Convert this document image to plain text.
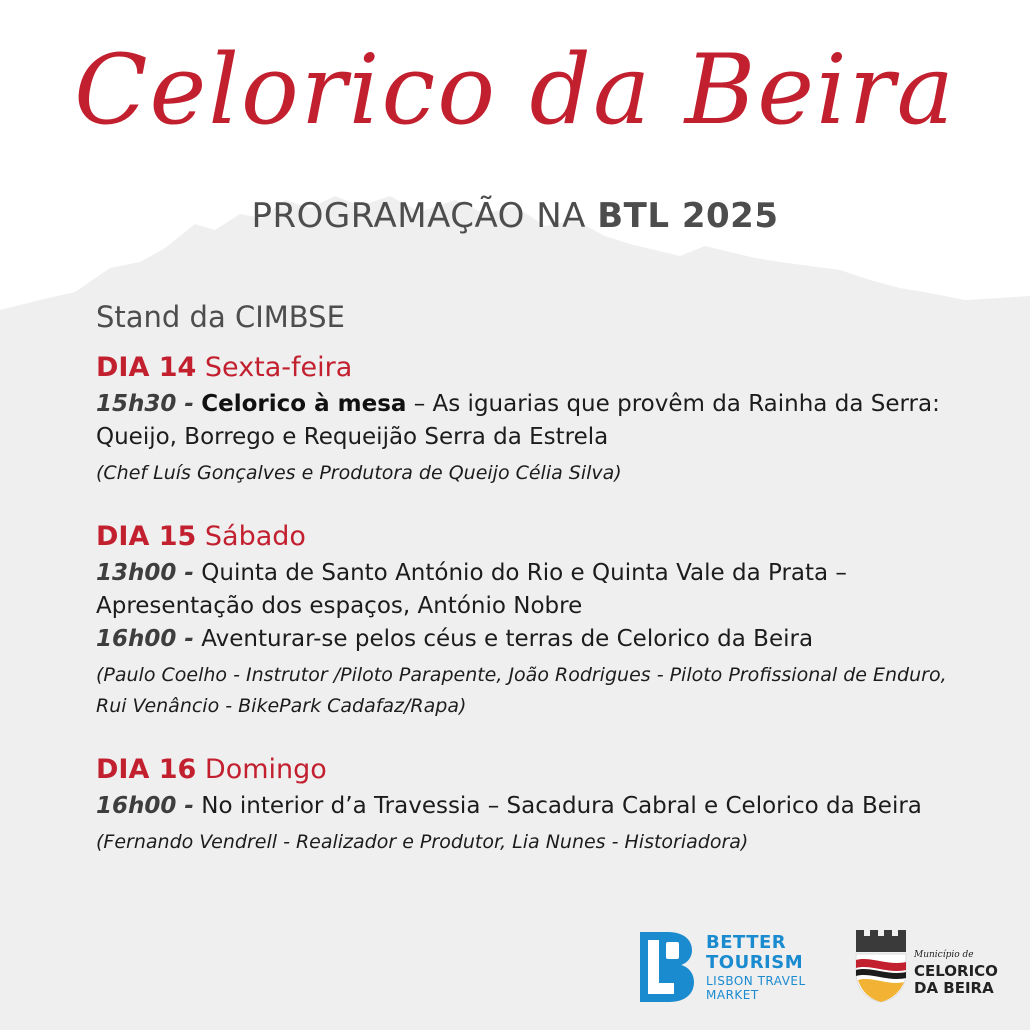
Celorico da Beira
PROGRAMAÇÃO NA BTL 2025
Stand da CIMBSE
DIA 14 Sexta-feira
15h30 - Celorico à mesa – As iguarias que provêm da Rainha da Serra: Queijo, Borrego e Requeijão Serra da Estrela
(Chef Luís Gonçalves e Produtora de Queijo Célia Silva)
DIA 15 Sábado
13h00 - Quinta de Santo António do Rio e Quinta Vale da Prata – Apresentação dos espaços, António Nobre
16h00 - Aventurar-se pelos céus e terras de Celorico da Beira
(Paulo Coelho - Instrutor /Piloto Parapente, João Rodrigues - Piloto Profissional de Enduro, Rui Venâncio - BikePark Cadafaz/Rapa)
DIA 16 Domingo
16h00 - No interior d’a Travessia – Sacadura Cabral e Celorico da Beira
(Fernando Vendrell - Realizador e Produtor, Lia Nunes - Historiadora)
BETTER
TOURISM
LISBON TRAVEL
MARKET
Município de
CELORICO
DA BEIRA
